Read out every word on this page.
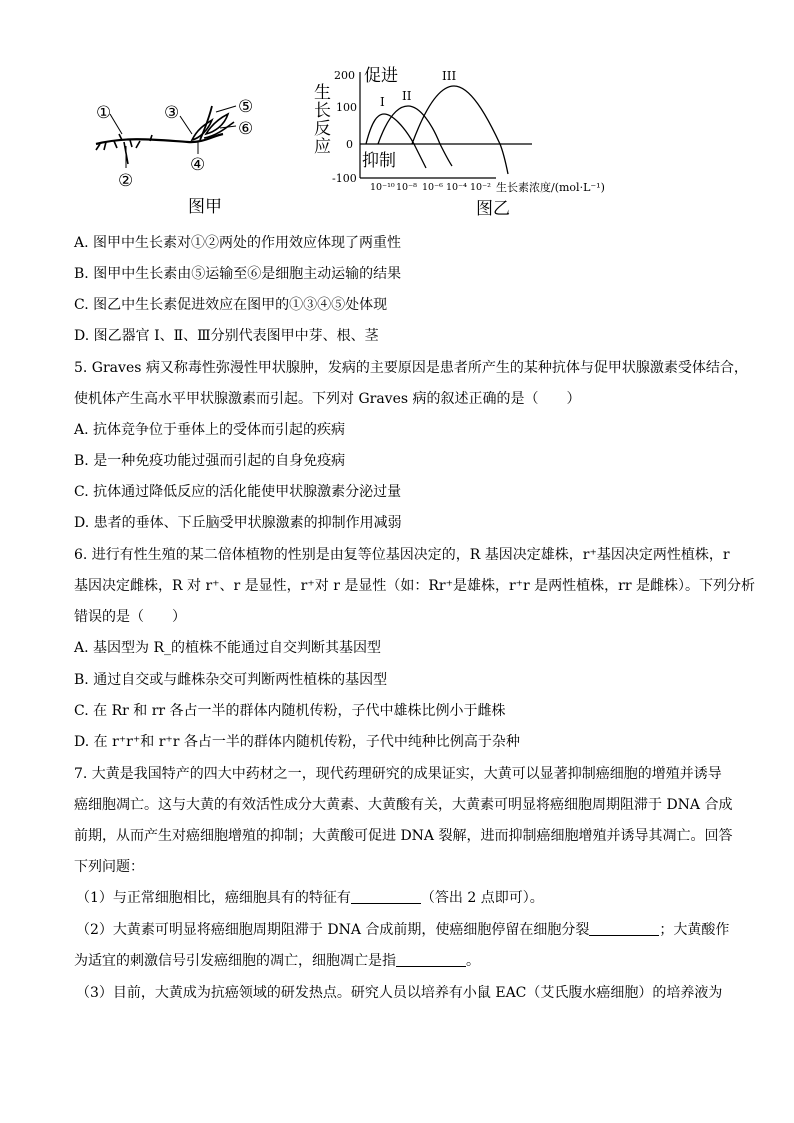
①
②
③
④
⑤
⑥
图甲
生
长
反
应
200
100
0
-100
促进
抑制
I II
III
10⁻¹⁰ 10⁻⁸ 10⁻⁶ 10⁻⁴ 10⁻² 生长素浓度/(mol·L⁻¹)
图乙
A. 图甲中生长素对①②两处的作用效应体现了两重性
B. 图甲中生长素由⑤运输至⑥是细胞主动运输的结果
C. 图乙中生长素促进效应在图甲的①③④⑤处体现
D. 图乙器官 I、Ⅱ、Ⅲ分别代表图甲中芽、根、茎
5. Graves 病又称毒性弥漫性甲状腺肿，发病的主要原因是患者所产生的某种抗体与促甲状腺激素受体结合，
使机体产生高水平甲状腺激素而引起。下列对 Graves 病的叙述正确的是（　　）
A. 抗体竞争位于垂体上的受体而引起的疾病
B. 是一种免疫功能过强而引起的自身免疫病
C. 抗体通过降低反应的活化能使甲状腺激素分泌过量
D. 患者的垂体、下丘脑受甲状腺激素的抑制作用减弱
6. 进行有性生殖的某二倍体植物的性别是由复等位基因决定的，R 基因决定雄株，r⁺基因决定两性植株，r
基因决定雌株，R 对 r⁺、r 是显性，r⁺对 r 是显性（如：Rr⁺是雄株，r⁺r 是两性植株，rr 是雌株）。下列分析
错误的是（　　）
A. 基因型为 R_的植株不能通过自交判断其基因型
B. 通过自交或与雌株杂交可判断两性植株的基因型
C. 在 Rr 和 rr 各占一半的群体内随机传粉，子代中雄株比例小于雌株
D. 在 r⁺r⁺和 r⁺r 各占一半的群体内随机传粉，子代中纯种比例高于杂种
7. 大黄是我国特产的四大中药材之一，现代药理研究的成果证实，大黄可以显著抑制癌细胞的增殖并诱导
癌细胞凋亡。这与大黄的有效活性成分大黄素、大黄酸有关，大黄素可明显将癌细胞周期阻滞于 DNA 合成
前期，从而产生对癌细胞增殖的抑制；大黄酸可促进 DNA 裂解，进而抑制癌细胞增殖并诱导其凋亡。回答
下列问题：
（1）与正常细胞相比，癌细胞具有的特征有	（答出 2 点即可）。
（2）大黄素可明显将癌细胞周期阻滞于 DNA 合成前期，使癌细胞停留在细胞分裂	；大黄酸作
为适宜的刺激信号引发癌细胞的凋亡，细胞凋亡是指	。
（3）目前，大黄成为抗癌领域的研发热点。研究人员以培养有小鼠 EAC（艾氏腹水癌细胞）的培养液为
